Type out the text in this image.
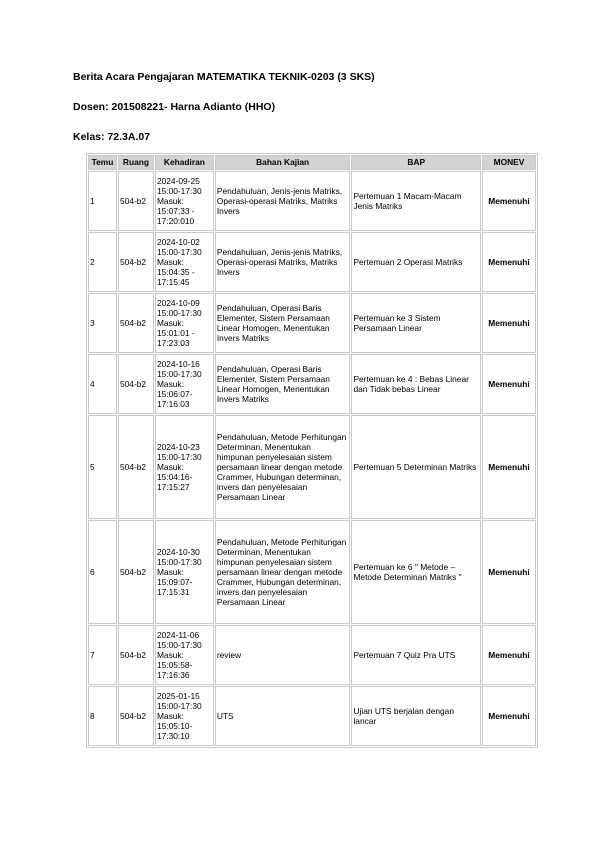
Berita Acara Pengajaran MATEMATIKA TEKNIK-0203 (3 SKS)
Dosen: 201508221- Harna Adianto (HHO)
Kelas: 72.3A.07
Temu	Ruang	Kehadiran	Bahan Kajian	BAP	MONEV
1	504-b2	2024-09-25
15:00-17:30
Masuk:
15:07:33 -
17:20:010	Pendahuluan, Jenis-jenis Matriks, Operasi-operasi Matriks, Matriks Invers	Pertemuan 1 Macam-Macam Jenis Matriks	Memenuhi
2	504-b2	2024-10-02
15:00-17:30
Masuk:
15:04:35 -
17:15:45	Pendahuluan, Jenis-jenis Matriks, Operasi-operasi Matriks, Matriks Invers	Pertemuan 2 Operasi Matriks	Memenuhi
3	504-b2	2024-10-09
15:00-17:30
Masuk:
15:01:01 -
17:23:03	Pendahuluan, Operasi Baris Elementer, Sistem Persamaan Linear Homogen, Menentukan Invers Matriks	Pertemuan ke 3 Sistem Persamaan Linear	Memenuhi
4	504-b2	2024-10-16
15:00-17:30
Masuk:
15:06:07-
17:16:03	Pendahuluan, Operasi Baris Elementer, Sistem Persamaan Linear Homogen, Menentukan Invers Matriks	Pertemuan ke 4 : Bebas Linear dan Tidak bebas Linear	Memenuhi
5	504-b2	2024-10-23
15:00-17:30
Masuk:
15:04:16-
17:15:27	Pendahuluan, Metode Perhitungan Determinan, Menentukan himpunan penyelesaian sistem persamaan linear dengan metode Crammer, Hubungan determinan, invers dan penyelesaian Persamaan Linear	Pertemuan 5 Determinan Matriks	Memenuhi
6	504-b2	2024-10-30
15:00-17:30
Masuk:
15:09:07-
17:15:31	Pendahuluan, Metode Perhitungan Determinan, Menentukan himpunan penyelesaian sistem persamaan linear dengan metode Crammer, Hubungan determinan, invers dan penyelesaian Persamaan Linear	Pertemuan ke 6 " Metode – Metode Determinan Matriks "	Memenuhi
7	504-b2	2024-11-06
15:00-17:30
Masuk:
15:05:58-
17:16:36	review	Pertemuan 7 Quiz Pra UTS	Memenuhi
8	504-b2	2025-01-15
15:00-17:30
Masuk:
15:05:10-
17:30:10	UTS	Ujian UTS berjalan dengan lancar	Memenuhi
